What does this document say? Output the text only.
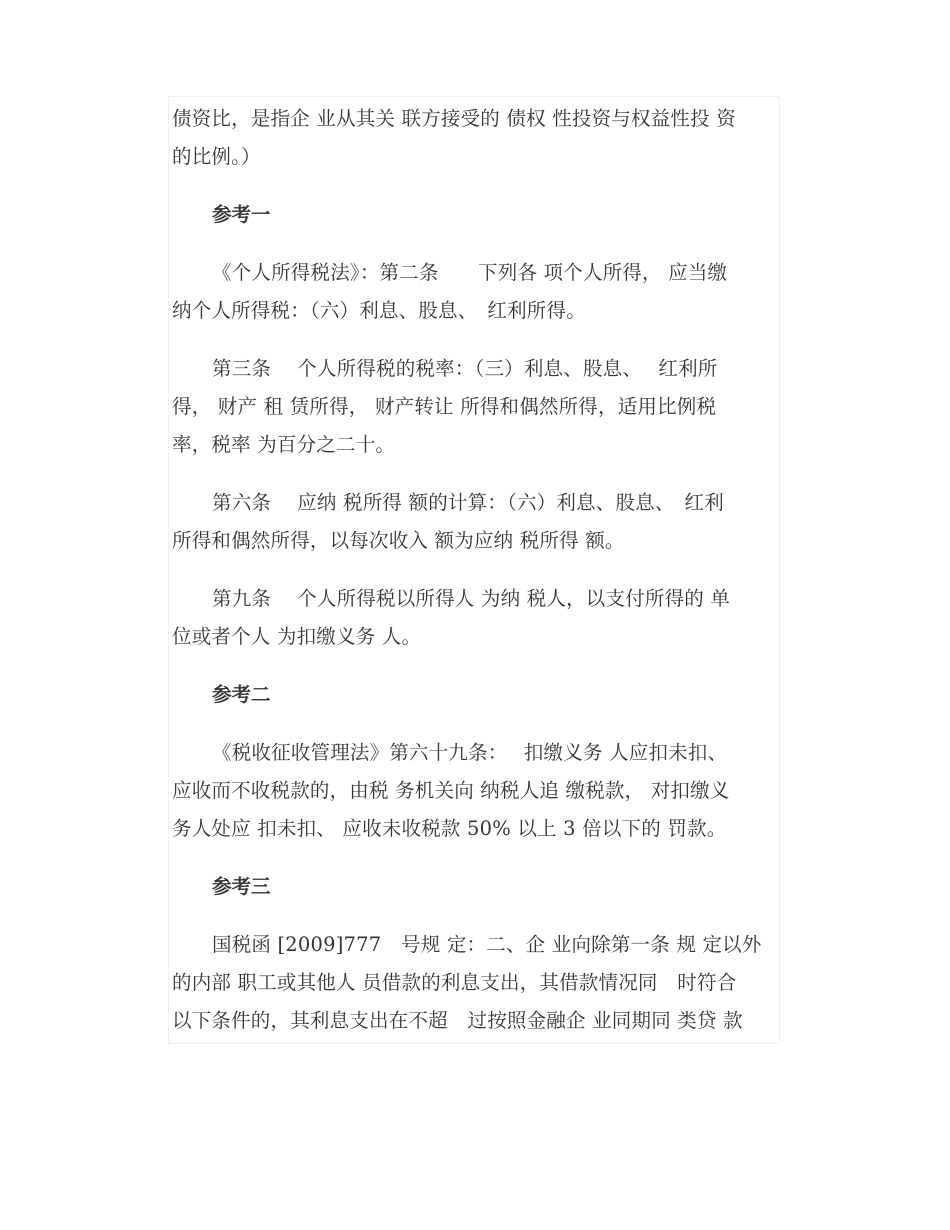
债资比，是指企 业从其关 联方接受的 债权 性投资与权益性投 资
的比例。）

参考一

《个人所得税法》：第二条　　下列各 项个人所得， 应当缴
纳个人所得税：（六）利息、股息、　红利所得。

第三条　 个人所得税的税率：（三）利息、股息、　 红利所
得， 财产 租 赁所得， 财产转让 所得和偶然所得，适用比例税
率，税率 为百分之二十。

第六条　 应纳 税所得 额的计算：（六）利息、股息、　红利
所得和偶然所得，以每次收入 额为应纳 税所得 额。

第九条　 个人所得税以所得人 为纳 税人，以支付所得的 单
位或者个人 为扣缴义务 人。

参考二

《税收征收管理法》第六十九条：　 扣缴义务 人应扣未扣、
应收而不收税款的，由税 务机关向 纳税人追 缴税款， 对扣缴义
务人处应 扣未扣、 应收未收税款 50% 以上 3 倍以下的 罚款。

参考三

国税函 [2009]777　号规 定：二、企 业向除第一条 规 定以外
的内部 职工或其他人 员借款的利息支出，其借款情况同　时符合
以下条件的，其利息支出在不超　过按照金融企 业同期同 类贷 款
